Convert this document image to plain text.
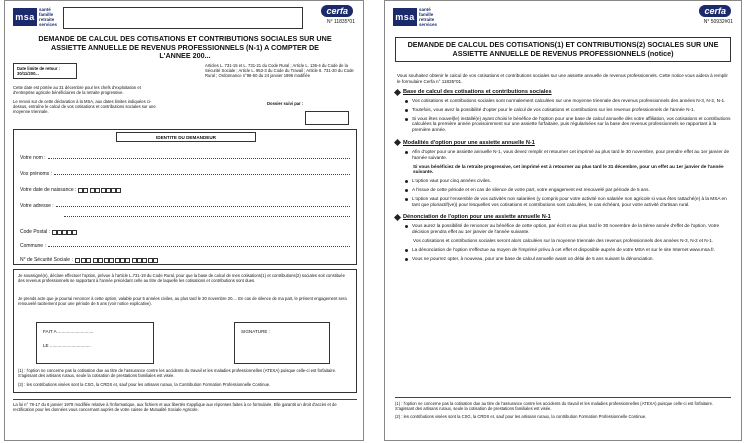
msa
santé
famille
retraite
services
cerfa
N° 11835*01
DEMANDE DE CALCUL DES COTISATIONS ET CONTRIBUTIONS SOCIALES SUR UNE ASSIETTE ANNUELLE DE REVENUS PROFESSIONNELS (N-1) A COMPTER DE L'ANNEE 200...
Date limite de retour : 30/11/200...
Articles L. 731-15 et L. 731-21 du Code Rural ; Article L. 136-4 du Code de la Sécurité Sociale ; Article L. 953-3 du Code du Travail ; Article 6. 731-20 du Code Rural ; Ordonnance n°96-50 du 24 janvier 1996 modifiée
Cette date est portée au 31 décembre pour les chefs d'exploitation et d'entreprise agricole bénéficiaires de la retraite progressive.
Le renvoi sur de cette déclaration à la MSA, aux dates limites indiquées ci-dessus, entraîne le calcul de vos cotisations et contributions sociales sur une moyenne triennale.
Dossier suivi par :
IDENTITE DU DEMANDEUR
Votre nom :
Vos prénoms :
Votre date de naissance :

Votre adresse :
Code Postal :
Commune :
N° de Sécurité Sociale :

Je soussigné(e), déclare effectuer l'option, prévue à l'article L.731-19 du Code Rural, pour que la base de calcul de mes cotisations(1) et contributions(2) sociales soit constituée des revenus professionnels se rapportant à l'année précédant celle au titre de laquelle les cotisations et contributions sont dues.
Je prends acte que je pourrai renoncer à cette option, valable pour 5 années civiles, au plus tard le 30 novembre 20.... En cas de silence de ma part, le présent engagement sera renouvelé tacitement pour une période de 5 ans (voir notice explicative).
FAIT A ............................
LE ................................
SIGNATURE :
(1) : l'option ne concerne pas la cotisation due au titre de l'assurance contre les accidents du travail et les maladies professionnelles (ATEXA) puisque celle-ci est forfaitaire. S'agissant des artisans ruraux, seule la cotisation de prestations familiales est visée.
(2) : les contributions visées sont la CSG, la CRDS et, sauf pour les artisans ruraux, la Contribution Formation Professionnelle Continue.
La loi n° 78-17 du 6 janvier 1978 modifiée relative à l'informatique, aux fichiers et aux libertés s'applique aux réponses faites à ce formulaire. Elle garantit un droit d'accès et de rectification pour les données vous concernant auprès de votre caisse de Mutualité Sociale Agricole.
msa
santé
famille
retraite
services
cerfa
N° 50932#01
DEMANDE DE CALCUL DES COTISATIONS(1) ET CONTRIBUTIONS(2) SOCIALES SUR UNE ASSIETTE ANNUELLE DE REVENUS PROFESSIONNELS (notice)
Vous souhaitez obtenir le calcul de vos cotisations et contributions sociales sur une assiette annuelle de revenus professionnels. Cette notice vous aidera à remplir le formulaire Cerfa n° 11835*01.
Base de calcul des cotisations et contributions sociales
Vos cotisations et contributions sociales sont normalement calculées sur une moyenne triennale des revenus professionnels des années N-3, N-2, N-1.
Toutefois, vous avez la possibilité d'opter pour le calcul de vos cotisations et contributions sur les revenus professionnels de l'année N-1.
Si vous êtes nouvel(le) installé(e) ayant choisi le bénéfice de l'option pour une base de calcul annuelle dès votre affiliation, vos cotisations et contributions calculées la première année provisoirement sur une assiette forfaitaire, puis régularisées sur la base des revenus professionnels se rapportant à la première année.
Modalités d'option pour une assiette annuelle N-1
Afin d'opter pour une assiette annuelle N-1, vous devez remplir et retourner cet imprimé au plus tard le 30 novembre, pour prendre effet au 1er janvier de l'année suivante.
Si vous bénéficiez de la retraite progressive, cet imprimé est à retourner au plus tard le 31 décembre, pour un effet au 1er janvier de l'année suivante.
L'option vaut pour cinq années civiles.
A l'issue de cette période et en cas de silence de votre part, votre engagement est renouvelé par période de 5 ans.
L'option vaut pour l'ensemble de vos activités non salariées (y compris pour votre activité non salariée non agricole si vous êtes rattaché(e) à la MSA en tant que pluriactif(ve)) pour lesquelles vos cotisations et contributions sont calculées, le cas échéant, pour votre activité d'artisan rural.
Dénonciation de l'option pour une assiette annuelle N-1
Vous aurez la possibilité de renoncer au bénéfice de cette option, par écrit et au plus tard le 30 novembre de la 5ème année d'effet de l'option. Votre décision prendra effet au 1er janvier de l'année suivante.
Vos cotisations et contributions sociales seront alors calculées sur la moyenne triennale des revenus professionnels des années N-3, N-2 et N-1.
La dénonciation de l'option s'effectue au moyen de l'imprimé prévu à cet effet et disponible auprès de votre MSA et sur le site Internet www.msa.fr.
Vous ne pourrez opter, à nouveau, pour une base de calcul annuelle avant un délai de 5 ans suivant la dénonciation.
(1) : l'option ne concerne pas la cotisation due au titre de l'assurance contre les accidents du travail et les maladies professionnelles (ATEXA) puisque celle-ci est forfaitaire. S'agissant des artisans ruraux, seule la cotisation de prestations familiales est visée.
(2) : les contributions visées sont la CSG, la CRDS et, sauf pour les artisans ruraux, la contribution Formation Professionnelle Continue.
